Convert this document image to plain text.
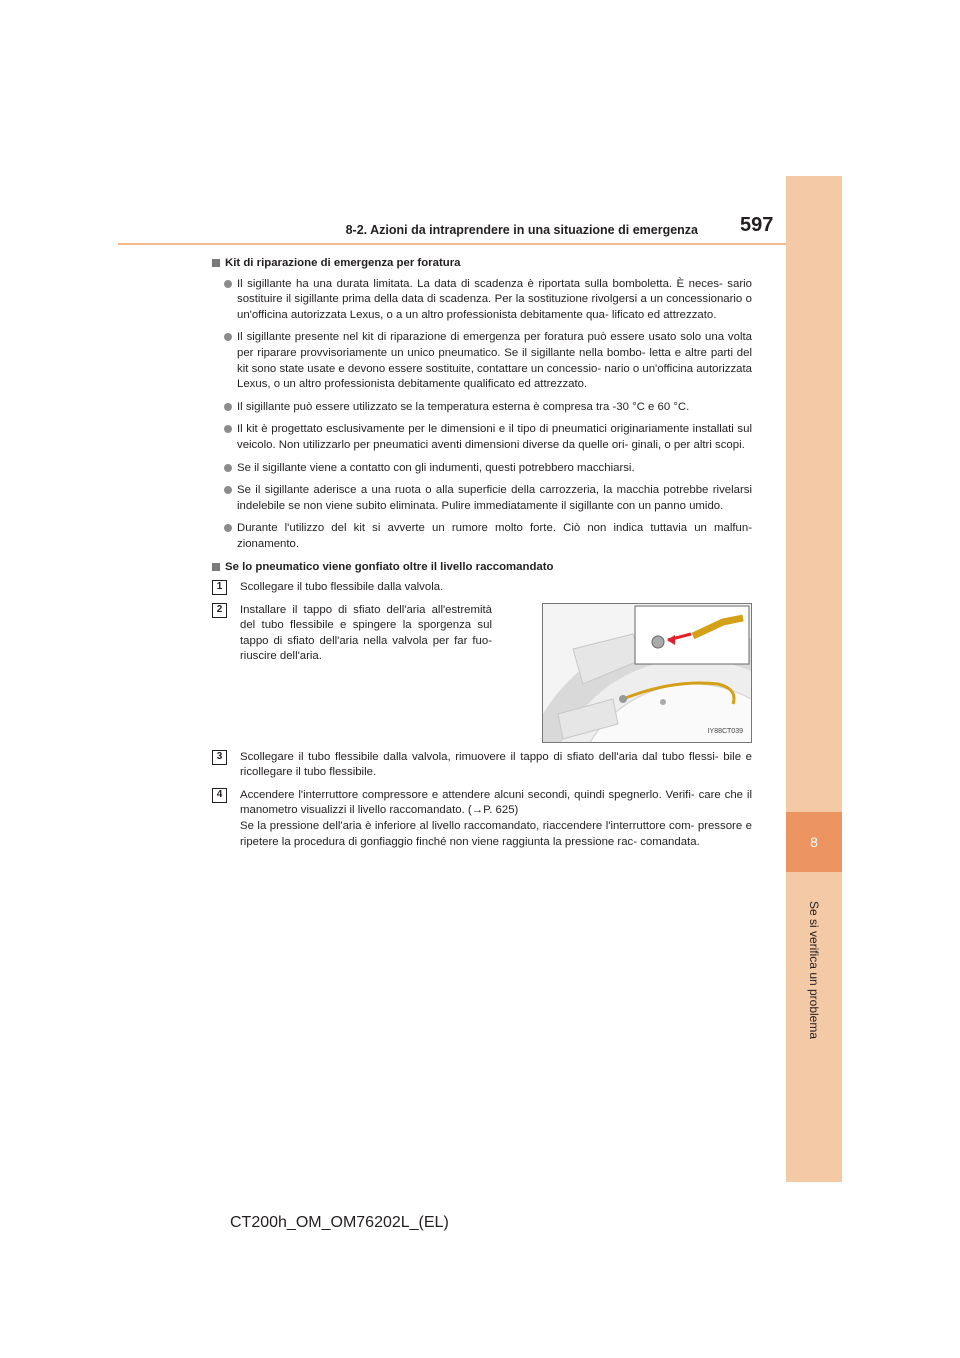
8
Se si verifica un problema
8-2. Azioni da intraprendere in una situazione di emergenza 597
Kit di riparazione di emergenza per foratura
Il sigillante ha una durata limitata. La data di scadenza è riportata sulla bomboletta. È neces- sario sostituire il sigillante prima della data di scadenza. Per la sostituzione rivolgersi a un concessionario o un'officina autorizzata Lexus, o a un altro professionista debitamente qua- lificato ed attrezzato.
Il sigillante presente nel kit di riparazione di emergenza per foratura può essere usato solo una volta per riparare provvisoriamente un unico pneumatico. Se il sigillante nella bombo- letta e altre parti del kit sono state usate e devono essere sostituite, contattare un concessio- nario o un'officina autorizzata Lexus, o un altro professionista debitamente qualificato ed attrezzato.
Il sigillante può essere utilizzato se la temperatura esterna è compresa tra -30 °C e 60 °C.
Il kit è progettato esclusivamente per le dimensioni e il tipo di pneumatici originariamente installati sul veicolo. Non utilizzarlo per pneumatici aventi dimensioni diverse da quelle ori- ginali, o per altri scopi.
Se il sigillante viene a contatto con gli indumenti, questi potrebbero macchiarsi.
Se il sigillante aderisce a una ruota o alla superficie della carrozzeria, la macchia potrebbe rivelarsi indelebile se non viene subito eliminata. Pulire immediatamente il sigillante con un panno umido.
Durante l'utilizzo del kit si avverte un rumore molto forte. Ciò non indica tuttavia un malfun- zionamento.
Se lo pneumatico viene gonfiato oltre il livello raccomandato
1	Scollegare il tubo flessibile dalla valvola.
2	Installare il tappo di sfiato dell'aria all'estremità del tubo flessibile e spingere la sporgenza sul tappo di sfiato dell'aria nella valvola per far fuo- riuscire dell'aria.
IY88CT039
3	Scollegare il tubo flessibile dalla valvola, rimuovere il tappo di sfiato dell'aria dal tubo flessi- bile e ricollegare il tubo flessibile.
4	Accendere l'interruttore compressore e attendere alcuni secondi, quindi spegnerlo. Verifi- care che il manometro visualizzi il livello raccomandato. (→P. 625)
Se la pressione dell'aria è inferiore al livello raccomandato, riaccendere l'interruttore com- pressore e ripetere la procedura di gonfiaggio finché non viene raggiunta la pressione rac- comandata.
CT200h_OM_OM76202L_(EL)
